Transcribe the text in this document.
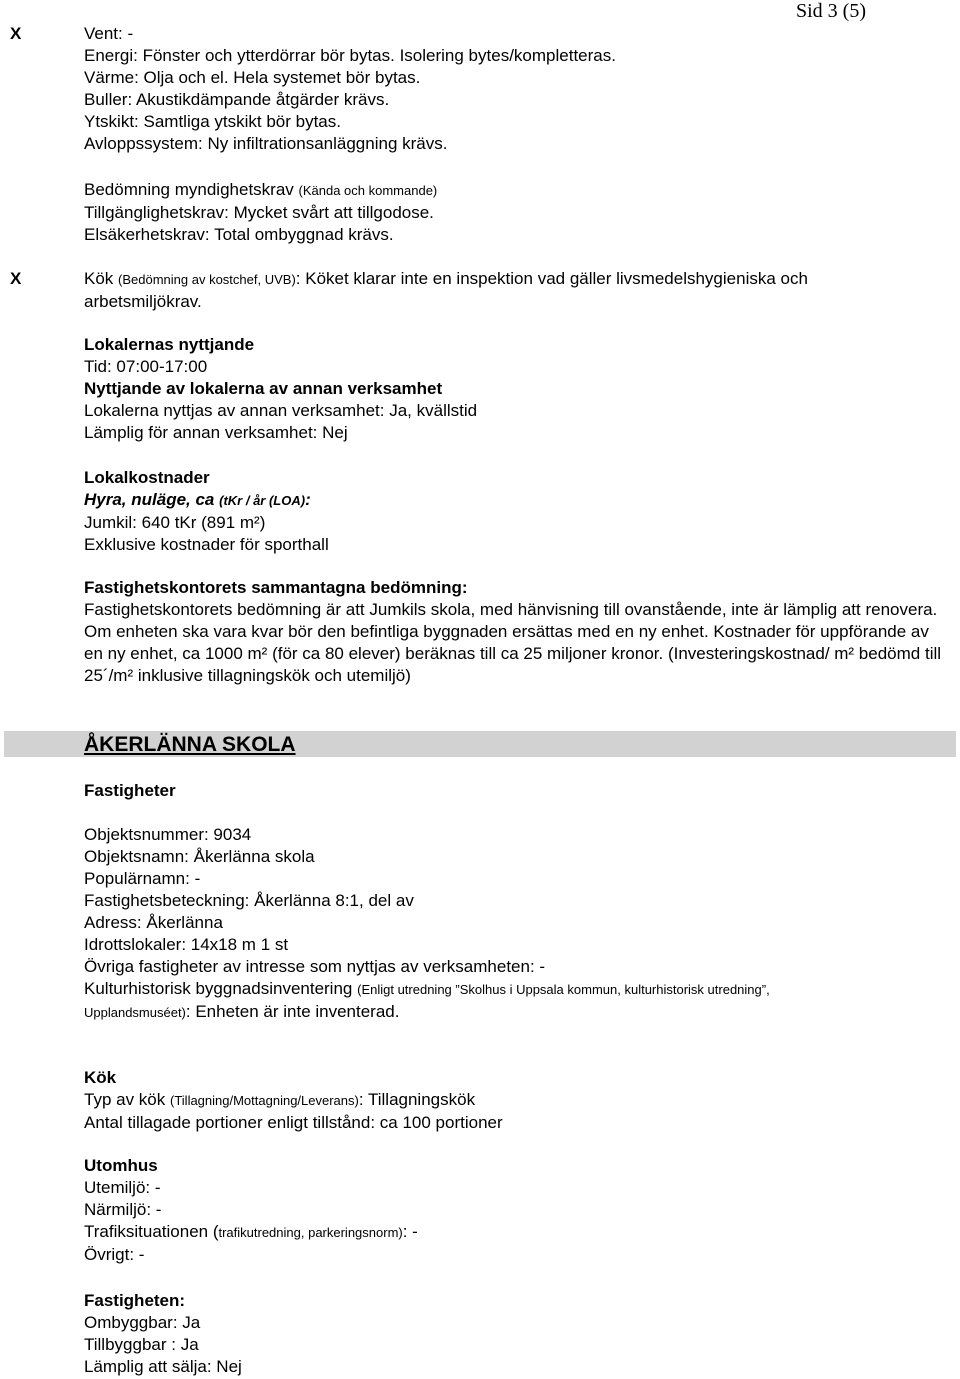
Sid 3 (5)
X	Vent: -
Energi: Fönster och ytterdörrar bör bytas. Isolering bytes/kompletteras.
Värme: Olja och el. Hela systemet bör bytas.
Buller: Akustikdämpande åtgärder krävs.
Ytskikt: Samtliga ytskikt bör bytas.
Avloppssystem: Ny infiltrationsanläggning krävs.
Bedömning myndighetskrav (Kända och kommande)
Tillgänglighetskrav: Mycket svårt att tillgodose.
Elsäkerhetskrav: Total ombyggnad krävs.
X	Kök (Bedömning av kostchef, UVB): Köket klarar inte en inspektion vad gäller livsmedelshygieniska och arbetsmiljökrav.
Lokalernas nyttjande
Tid: 07:00-17:00
Nyttjande av lokalerna av annan verksamhet
Lokalerna nyttjas av annan verksamhet: Ja, kvällstid
Lämplig för annan verksamhet: Nej
Lokalkostnader
Hyra, nuläge, ca (tKr / år (LOA):
Jumkil: 640 tKr (891 m²)
Exklusive kostnader för sporthall
Fastighetskontorets sammantagna bedömning:
Fastighetskontorets bedömning är att Jumkils skola, med hänvisning till ovanstående, inte är lämplig att renovera. Om enheten ska vara kvar bör den befintliga byggnaden ersättas med en ny enhet. Kostnader för uppförande av en ny enhet, ca 1000 m² (för ca 80 elever) beräknas till ca 25 miljoner kronor. (Investeringskostnad/ m² bedömd till 25´/m² inklusive tillagningskök och utemiljö)
ÅKERLÄNNA SKOLA
Fastigheter
Objektsnummer: 9034
Objektsnamn: Åkerlänna skola
Populärnamn: -
Fastighetsbeteckning: Åkerlänna 8:1, del av
Adress: Åkerlänna
Idrottslokaler: 14x18 m 1 st
Övriga fastigheter av intresse som nyttjas av verksamheten: -
Kulturhistorisk byggnadsinventering (Enligt utredning ”Skolhus i Uppsala kommun, kulturhistorisk utredning”,
Upplandsmuséet): Enheten är inte inventerad.
Kök
Typ av kök (Tillagning/Mottagning/Leverans): Tillagningskök
Antal tillagade portioner enligt tillstånd: ca 100 portioner
Utomhus
Utemiljö: -
Närmiljö: -
Trafiksituationen (trafikutredning, parkeringsnorm): -
Övrigt: -
Fastigheten:
Ombyggbar: Ja
Tillbyggbar : Ja
Lämplig att sälja: Nej
